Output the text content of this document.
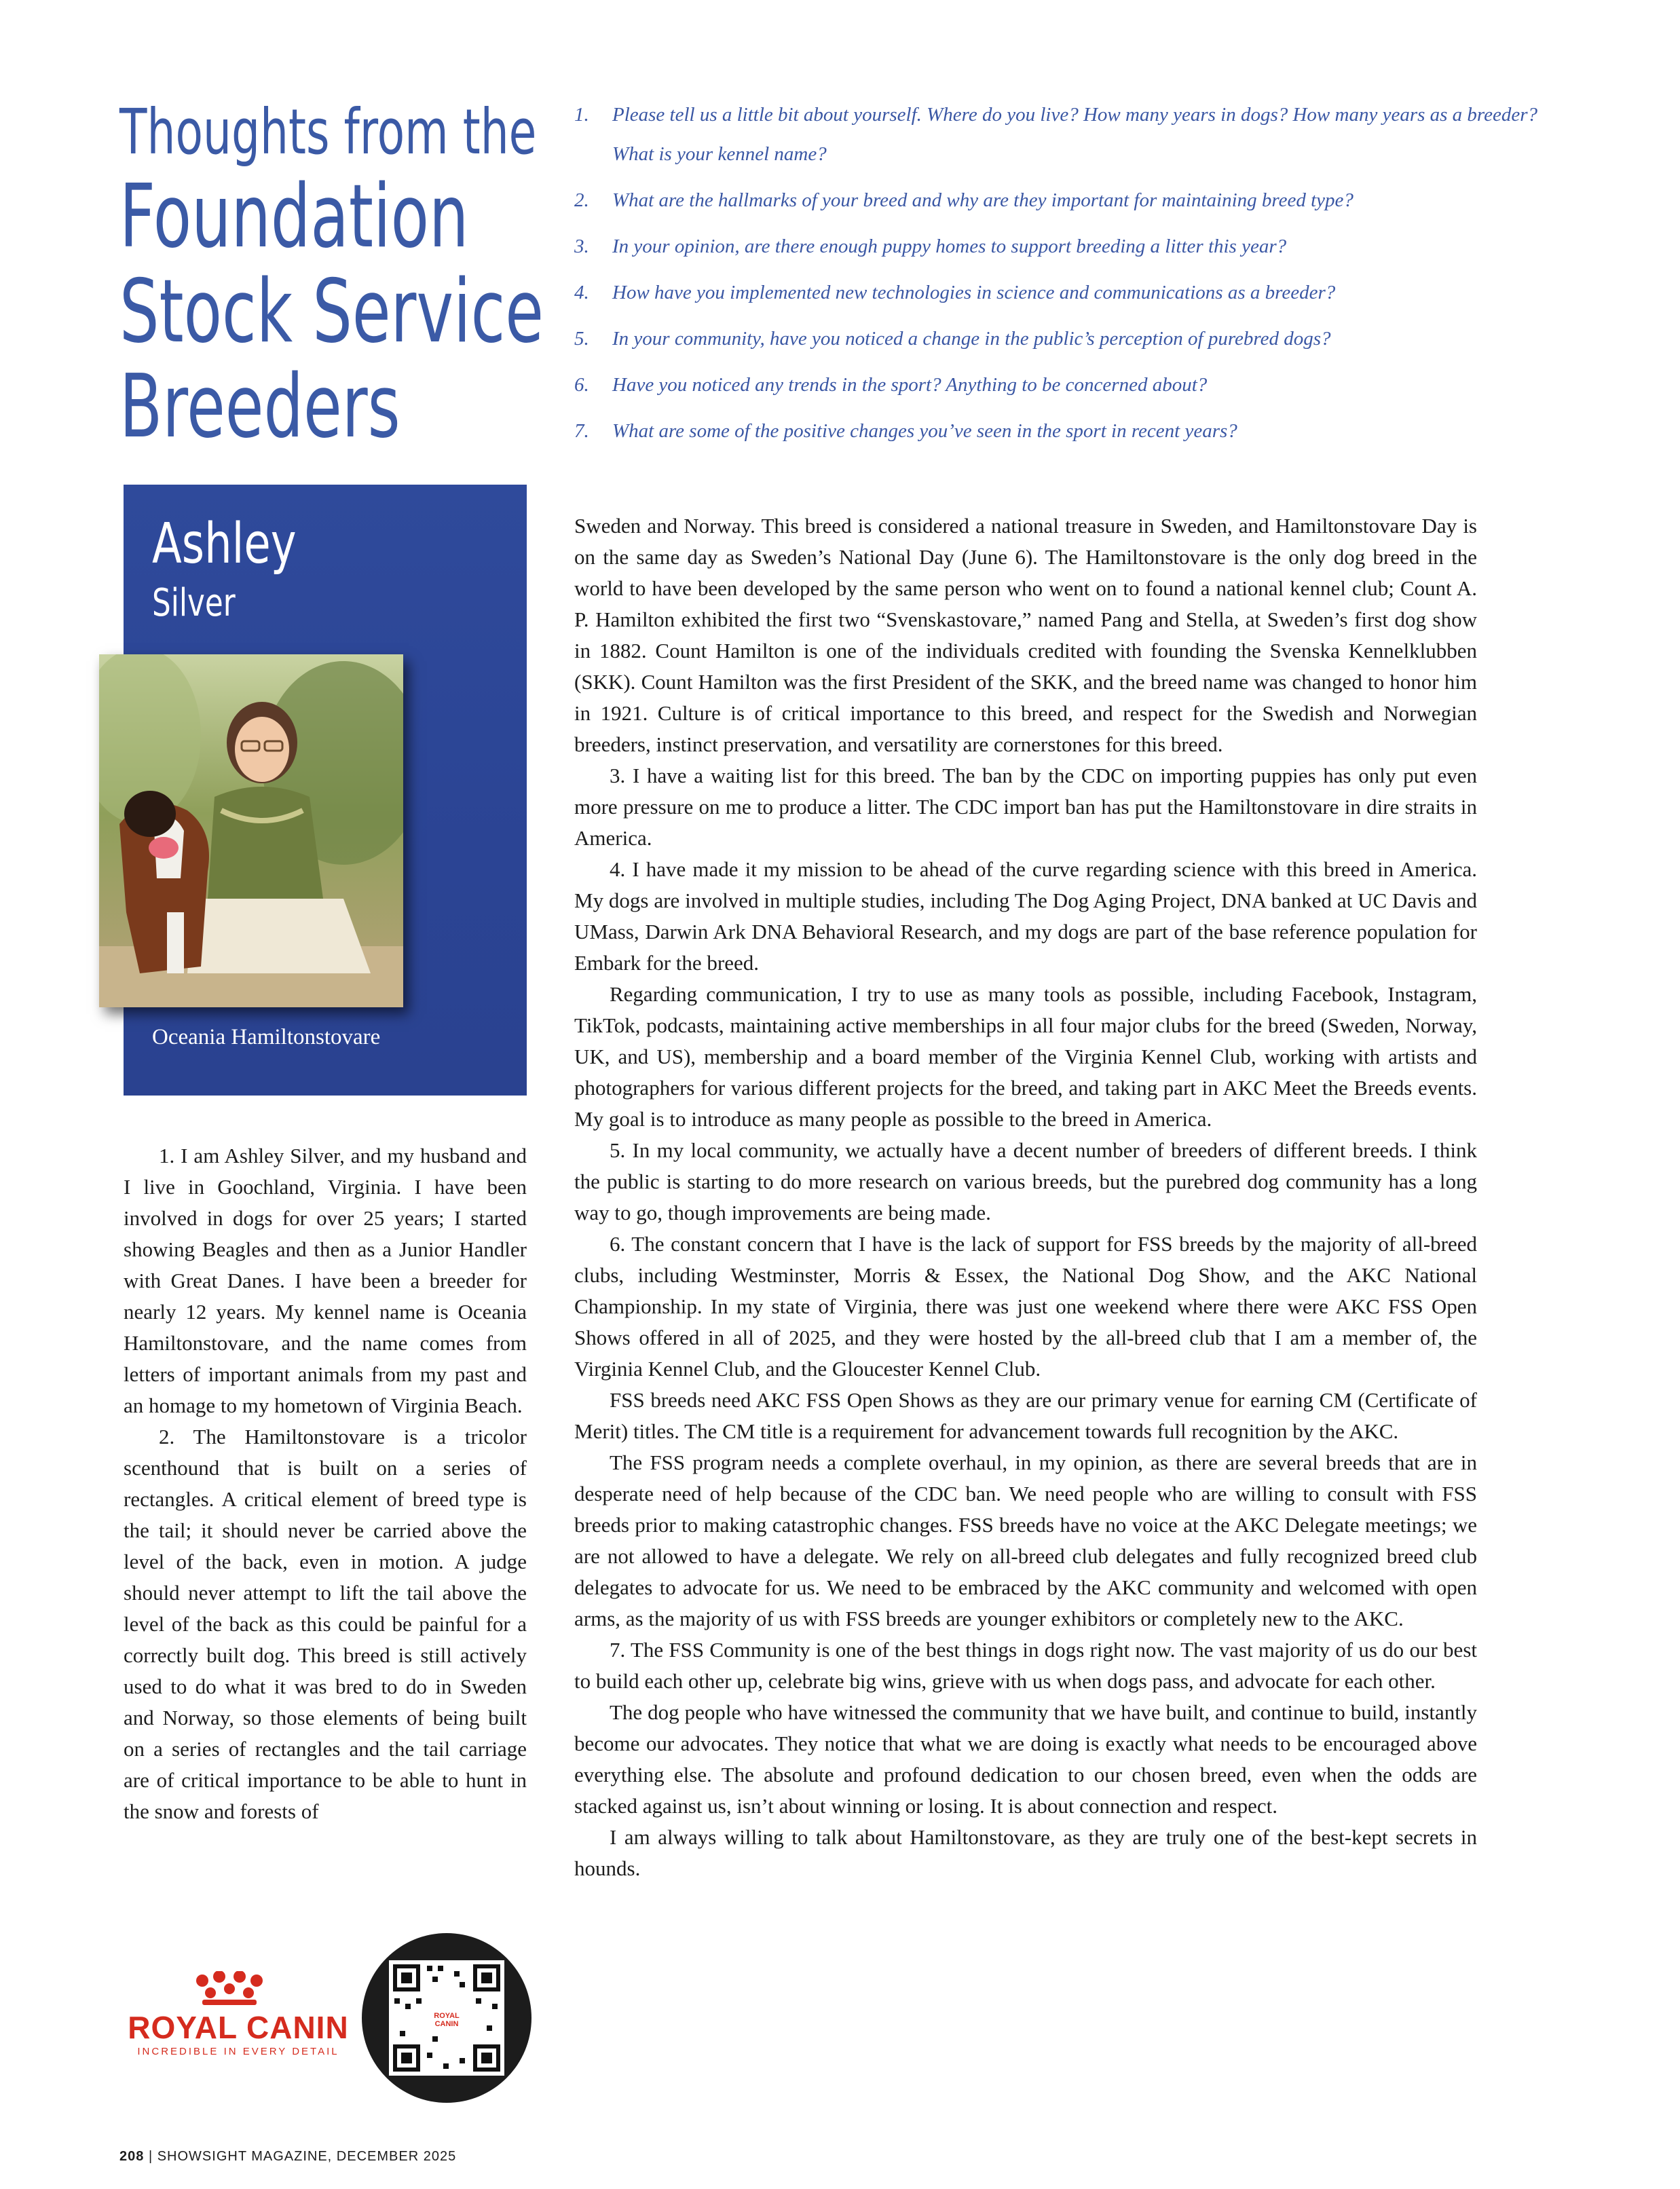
Thoughts from the
Foundation
Stock Service
Breeders
1. Please tell us a little bit about yourself. Where do you live? How many years in dogs? How many years as a breeder? What is your kennel name?
2. What are the hallmarks of your breed and why are they important for maintaining breed type?
3. In your opinion, are there enough puppy homes to support breeding a litter this year?
4. How have you implemented new technologies in science and communications as a breeder?
5. In your community, have you noticed a change in the public’s perception of purebred dogs?
6. Have you noticed any trends in the sport? Anything to be concerned about?
7. What are some of the positive changes you’ve seen in the sport in recent years?
Ashley
Silver
Oceania Hamiltonstovare

1. I am Ashley Silver, and my husband and I live in Goochland, Virginia. I have been involved in dogs for over 25 years; I started showing Beagles and then as a Junior Handler with Great Danes. I have been a breeder for nearly 12 years. My kennel name is Oceania Hamiltonstovare, and the name comes from letters of important animals from my past and an homage to my hometown of Virginia Beach.

2. The Hamiltonstovare is a tricolor scenthound that is built on a series of rectangles. A critical element of breed type is the tail; it should never be carried above the level of the back, even in motion. A judge should never attempt to lift the tail above the level of the back as this could be painful for a correctly built dog. This breed is still actively used to do what it was bred to do in Sweden and Norway, so those elements of being built on a series of rectangles and the tail carriage are of critical importance to be able to hunt in the snow and forests of

Sweden and Norway. This breed is considered a national treasure in Sweden, and Hamiltonstovare Day is on the same day as Sweden’s National Day (June 6). The Hamiltonstovare is the only dog breed in the world to have been developed by the same person who went on to found a national kennel club; Count A. P. Hamilton exhibited the first two “Svenskastovare,” named Pang and Stella, at Sweden’s first dog show in 1882. Count Hamilton is one of the individuals credited with founding the Svenska Kennelklubben (SKK). Count Hamilton was the first President of the SKK, and the breed name was changed to honor him in 1921. Culture is of critical importance to this breed, and respect for the Swedish and Norwegian breeders, instinct preservation, and versatility are cornerstones for this breed.

3. I have a waiting list for this breed. The ban by the CDC on importing puppies has only put even more pressure on me to produce a litter. The CDC import ban has put the Hamiltonstovare in dire straits in America.

4. I have made it my mission to be ahead of the curve regarding science with this breed in America. My dogs are involved in multiple studies, including The Dog Aging Project, DNA banked at UC Davis and UMass, Darwin Ark DNA Behavioral Research, and my dogs are part of the base reference population for Embark for the breed.

Regarding communication, I try to use as many tools as possible, including Facebook, Instagram, TikTok, podcasts, maintaining active memberships in all four major clubs for the breed (Sweden, Norway, UK, and US), membership and a board member of the Virginia Kennel Club, working with artists and photographers for various different projects for the breed, and taking part in AKC Meet the Breeds events. My goal is to introduce as many people as possible to the breed in America.

5. In my local community, we actually have a decent number of breeders of different breeds. I think the public is starting to do more research on various breeds, but the purebred dog community has a long way to go, though improvements are being made.

6. The constant concern that I have is the lack of support for FSS breeds by the majority of all-breed clubs, including Westminster, Morris & Essex, the National Dog Show, and the AKC National Championship. In my state of Virginia, there was just one weekend where there were AKC FSS Open Shows offered in all of 2025, and they were hosted by the all-breed club that I am a member of, the Virginia Kennel Club, and the Gloucester Kennel Club.

FSS breeds need AKC FSS Open Shows as they are our primary venue for earning CM (Certificate of Merit) titles. The CM title is a requirement for advancement towards full recognition by the AKC.

The FSS program needs a complete overhaul, in my opinion, as there are several breeds that are in desperate need of help because of the CDC ban. We need people who are willing to consult with FSS breeds prior to making catastrophic changes. FSS breeds have no voice at the AKC Delegate meetings; we are not allowed to have a delegate. We rely on all-breed club delegates and fully recognized breed club delegates to advocate for us. We need to be embraced by the AKC community and welcomed with open arms, as the majority of us with FSS breeds are younger exhibitors or completely new to the AKC.

7. The FSS Community is one of the best things in dogs right now. The vast majority of us do our best to build each other up, celebrate big wins, grieve with us when dogs pass, and advocate for each other.

The dog people who have witnessed the community that we have built, and continue to build, instantly become our advocates. They notice that what we are doing is exactly what needs to be encouraged above everything else. The absolute and profound dedication to our chosen breed, even when the odds are stacked against us, isn’t about winning or losing. It is about connection and respect.

I am always willing to talk about Hamiltonstovare, as they are truly one of the best-kept secrets in hounds.

ROYAL CANIN
INCREDIBLE IN EVERY DETAIL
ROYAL CANIN
208 | SHOWSIGHT MAGAZINE, DECEMBER 2025
